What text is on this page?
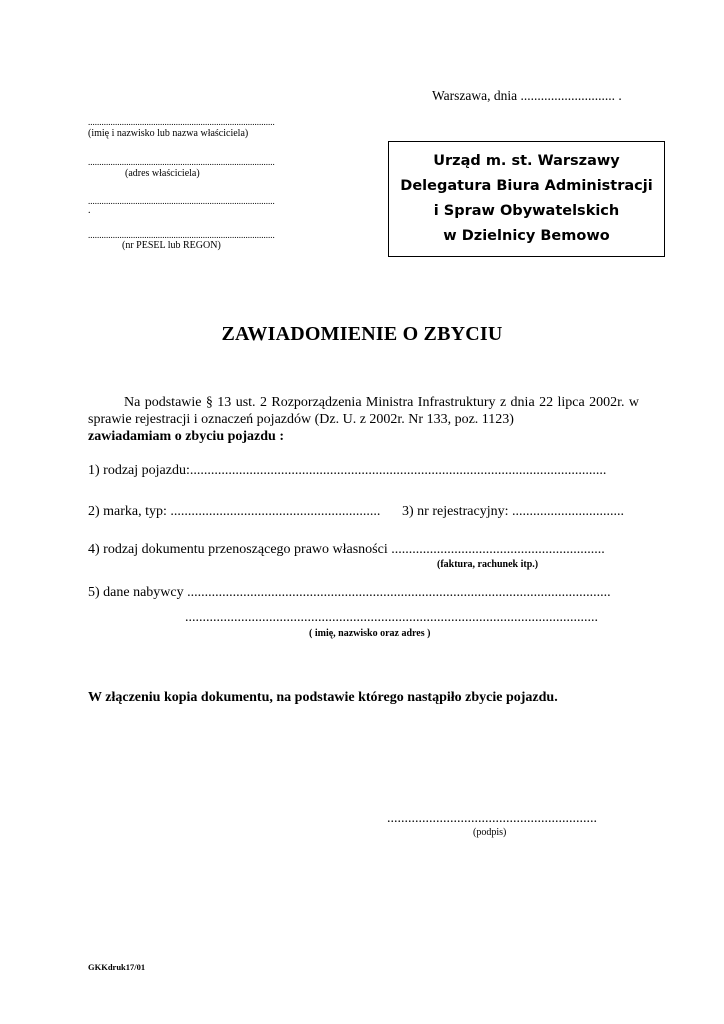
Warszawa, dnia ............................ .
...................................................................................
(imię i nazwisko lub nazwa właściciela)
...................................................................................
(adres właściciela)
...................................................................................
.
...................................................................................
(nr PESEL lub REGON)
Urząd m. st. Warszawy
Delegatura Biura Administracji
i Spraw Obywatelskich
w Dzielnicy Bemowo
ZAWIADOMIENIE O ZBYCIU
Na podstawie § 13 ust. 2 Rozporządzenia Ministra Infrastruktury z dnia 22 lipca 2002r. w sprawie rejestracji i oznaczeń pojazdów (Dz. U. z 2002r. Nr 133, poz. 1123)
zawiadamiam o zbyciu pojazdu :
1) rodzaj pojazdu:.......................................................................................................................
2) marka, typ: ............................................................ 3) nr rejestracyjny: ................................
4) rodzaj dokumentu przenoszącego prawo własności .............................................................
(faktura, rachunek itp.)
5) dane nabywcy .........................................................................................................................
......................................................................................................................
( imię, nazwisko oraz adres )
W złączeniu kopia dokumentu, na podstawie którego nastąpiło zbycie pojazdu.
............................................................
(podpis)
GKKdruk17/01
